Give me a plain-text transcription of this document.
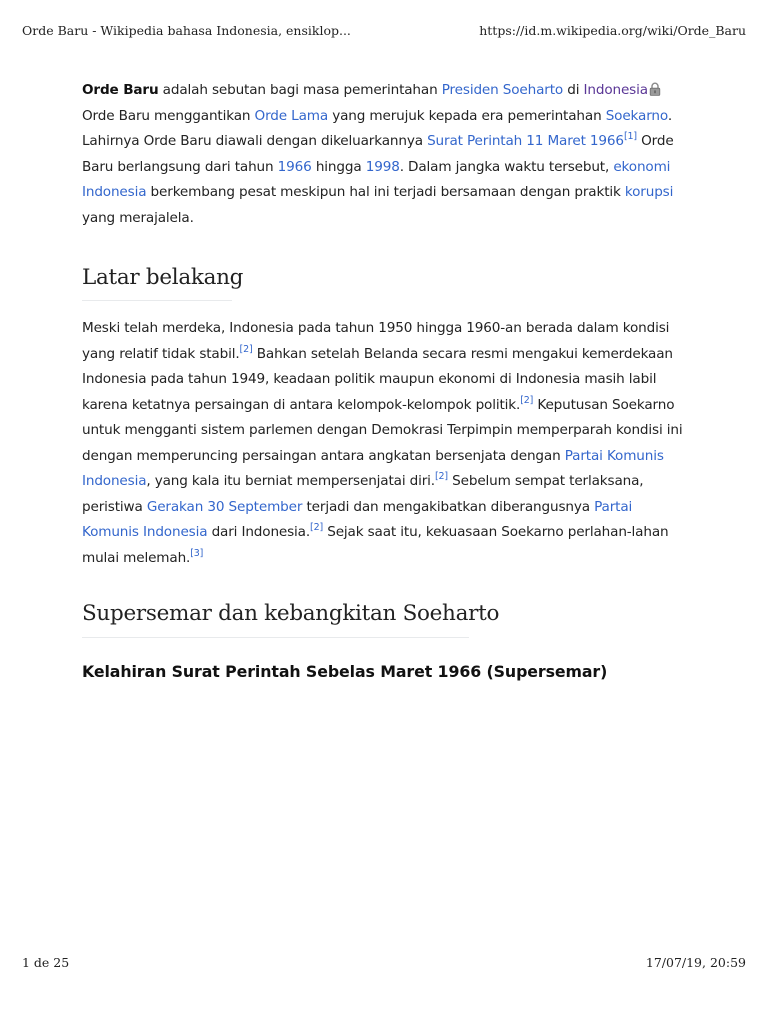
Orde Baru - Wikipedia bahasa Indonesia, ensiklop...	https://id.m.wikipedia.org/wiki/Orde_Baru

Orde Baru adalah sebutan bagi masa pemerintahan Presiden Soeharto di Indonesia Orde Baru menggantikan Orde Lama yang merujuk kepada era pemerintahan Soekarno. Lahirnya Orde Baru diawali dengan dikeluarkannya Surat Perintah 11 Maret 1966[1] Orde Baru berlangsung dari tahun 1966 hingga 1998. Dalam jangka waktu tersebut, ekonomi Indonesia berkembang pesat meskipun hal ini terjadi bersamaan dengan praktik korupsi yang merajalela.

Latar belakang

Meski telah merdeka, Indonesia pada tahun 1950 hingga 1960-an berada dalam kondisi yang relatif tidak stabil.[2] Bahkan setelah Belanda secara resmi mengakui kemerdekaan Indonesia pada tahun 1949, keadaan politik maupun ekonomi di Indonesia masih labil karena ketatnya persaingan di antara kelompok-kelompok politik.[2] Keputusan Soekarno untuk mengganti sistem parlemen dengan Demokrasi Terpimpin memperparah kondisi ini dengan memperuncing persaingan antara angkatan bersenjata dengan Partai Komunis Indonesia, yang kala itu berniat mempersenjatai diri.[2] Sebelum sempat terlaksana, peristiwa Gerakan 30 September terjadi dan mengakibatkan diberangusnya Partai Komunis Indonesia dari Indonesia.[2] Sejak saat itu, kekuasaan Soekarno perlahan-lahan mulai melemah.[3]

Supersemar dan kebangkitan Soeharto
Kelahiran Surat Perintah Sebelas Maret 1966 (Supersemar)
1 de 25	17/07/19, 20:59
